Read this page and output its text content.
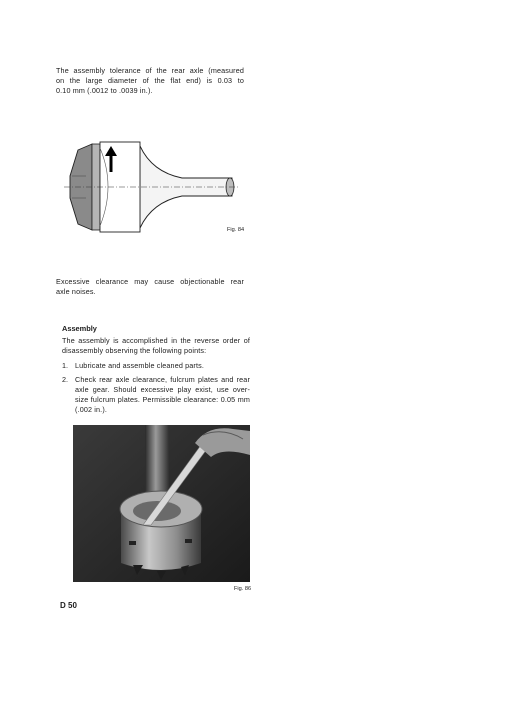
The assembly tolerance of the rear axle (measured
on the large diameter of the flat end) is 0.03 to
0.10 mm (.0012 to .0039 in.).
Fig. 84
Excessive clearance may cause objectionable rear
axle noises.
Assembly
The assembly is accomplished in the reverse order of
disassembly observing the following points:
1. Lubricate and assemble cleaned parts.
2. Check rear axle clearance, fulcrum plates and rear
axle gear. Should excessive play exist, use over-
size fulcrum plates. Permissible clearance: 0.05 mm
(.002 in.).
Fig. 86
D 50
